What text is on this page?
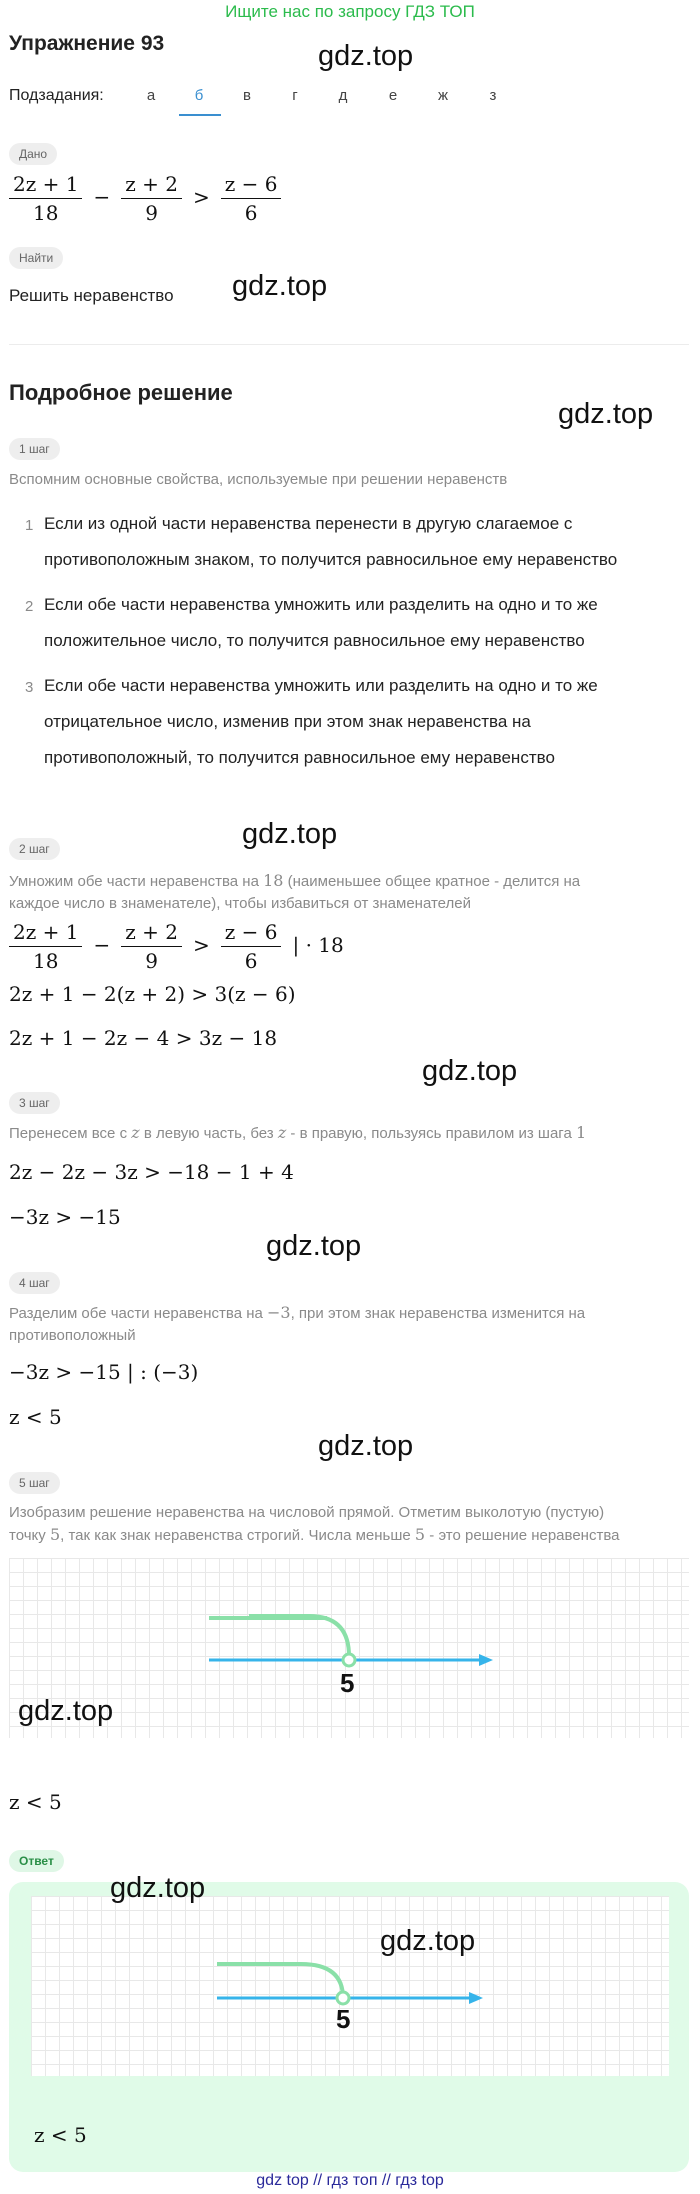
Ищите нас по запросу ГДЗ ТОП
Упражнение 93	gdz.top
Подзадания:	а	б	в	г	д	е	ж	з
Дано
$\frac{2z + 1}{18} - \frac{z + 2}{9} > \frac{z - 6}{6}$
Найти
Решить неравенство gdz.top
Подробное решение
gdz.top
1 шаг
Вспомним основные свойства, используемые при решении неравенств
1 Если из одной части неравенства перенести в другую слагаемое с
противоположным знаком, то получится равносильное ему неравенство
2 Если обе части неравенства умножить или разделить на одно и то же
положительное число, то получится равносильное ему неравенство
3 Если обе части неравенства умножить или разделить на одно и то же
отрицательное число, изменив при этом знак неравенства на
противоположный, то получится равносильное ему неравенство
2 шаг	gdz.top
Умножим обе части неравенства на 18 (наименьшее общее кратное - делится на
каждое число в знаменателе), чтобы избавиться от знаменателей
$\frac{2z + 1}{18} - \frac{z + 2}{9} > \frac{z - 6}{6}$ | · 18
2z + 1 − 2(z + 2) > 3(z − 6)
2z + 1 − 2z − 4 > 3z − 18
gdz.top
3 шаг
Перенесем все с z в левую часть, без z - в правую, пользуясь правилом из шага 1
2z − 2z − 3z > −18 − 1 + 4
−3z > −15
gdz.top
4 шаг
Разделим обе части неравенства на −3, при этом знак неравенства изменится на
противоположный
−3z > −15 | : (−3)
z < 5
gdz.top
5 шаг
Изобразим решение неравенства на числовой прямой. Отметим выколотую (пустую)
точку 5, так как знак неравенства строгий. Числа меньше 5 - это решение неравенства
5
gdz.top
z < 5
Ответ
5
gdz.top
gdz.top
z < 5
gdz top // гдз топ // гдз top
